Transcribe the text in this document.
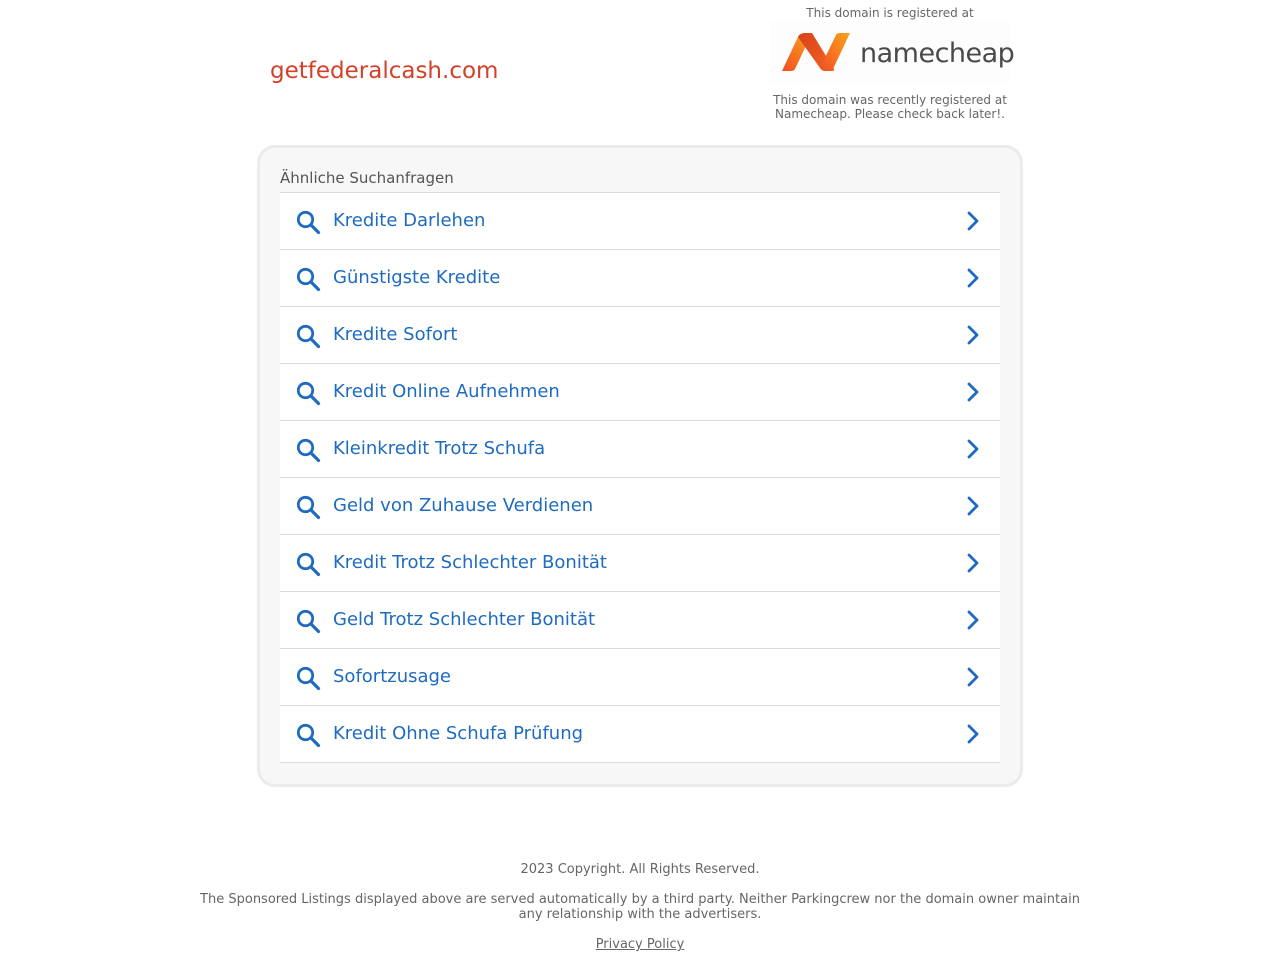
getfederalcash.com
This domain is registered at
namecheap
This domain was recently registered at Namecheap. Please check back later!.
Ähnliche Suchanfragen
Kredite Darlehen
Günstigste Kredite
Kredite Sofort
Kredit Online Aufnehmen
Kleinkredit Trotz Schufa
Geld von Zuhause Verdienen
Kredit Trotz Schlechter Bonität
Geld Trotz Schlechter Bonität
Sofortzusage
Kredit Ohne Schufa Prüfung
2023 Copyright. All Rights Reserved.
The Sponsored Listings displayed above are served automatically by a third party. Neither Parkingcrew nor the domain owner maintain any relationship with the advertisers.
Privacy Policy
